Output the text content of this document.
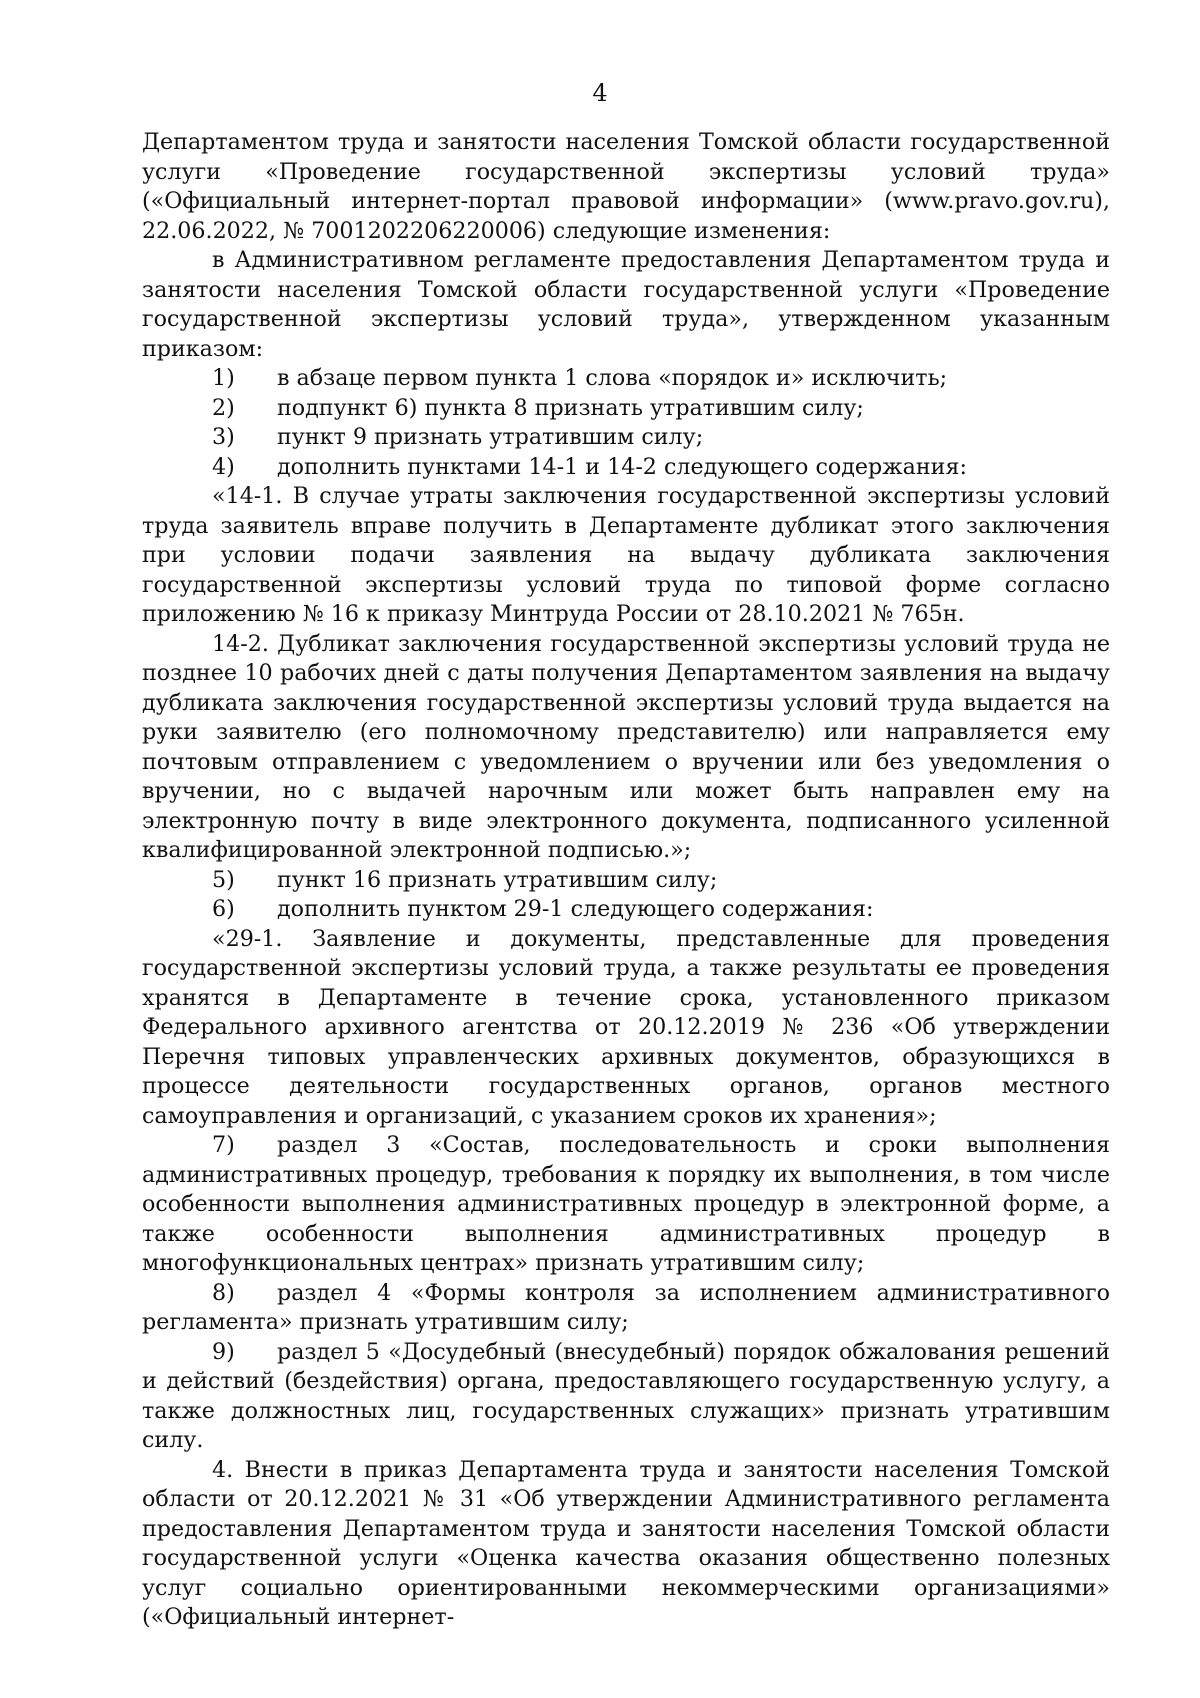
4

Департаментом труда и занятости населения Томской области государственной услуги «Проведение государственной экспертизы условий труда» («Официальный интернет-портал правовой информации» (www.pravo.gov.ru), 22.06.2022, № 7001202206220006) следующие изменения:

в Административном регламенте предоставления Департаментом труда и занятости населения Томской области государственной услуги «Проведение государственной экспертизы условий труда», утвержденном указанным приказом:

1)	в абзаце первом пункта 1 слова «порядок и» исключить;
2)	подпункт 6) пункта 8 признать утратившим силу;
3)	пункт 9 признать утратившим силу;
4)	дополнить пунктами 14-1 и 14-2 следующего содержания:

«14-1. В случае утраты заключения государственной экспертизы условий труда заявитель вправе получить в Департаменте дубликат этого заключения при условии подачи заявления на выдачу дубликата заключения государственной экспертизы условий труда по типовой форме согласно приложению № 16 к приказу Минтруда России от 28.10.2021 № 765н.

14-2. Дубликат заключения государственной экспертизы условий труда не позднее 10 рабочих дней с даты получения Департаментом заявления на выдачу дубликата заключения государственной экспертизы условий труда выдается на руки заявителю (его полномочному представителю) или направляется ему почтовым отправлением с уведомлением о вручении или без уведомления о вручении, но с выдачей нарочным или может быть направлен ему на электронную почту в виде электронного документа, подписанного усиленной квалифицированной электронной подписью.»;

5)	пункт 16 признать утратившим силу;
6)	дополнить пунктом 29-1 следующего содержания:

«29-1. Заявление и документы, представленные для проведения государственной экспертизы условий труда, а также результаты ее проведения хранятся в Департаменте в течение срока, установленного приказом Федерального архивного агентства от 20.12.2019 № 236 «Об утверждении Перечня типовых управленческих архивных документов, образующихся в процессе деятельности государственных органов, органов местного самоуправления и организаций, с указанием сроков их хранения»;

7) раздел 3 «Состав, последовательность и сроки выполнения административных процедур, требования к порядку их выполнения, в том числе особенности выполнения административных процедур в электронной форме, а также особенности выполнения административных процедур в многофункциональных центрах» признать утратившим силу;

8) раздел 4 «Формы контроля за исполнением административного регламента» признать утратившим силу;

9) раздел 5 «Досудебный (внесудебный) порядок обжалования решений и действий (бездействия) органа, предоставляющего государственную услугу, а также должностных лиц, государственных служащих» признать утратившим силу.

4. Внести в приказ Департамента труда и занятости населения Томской области от 20.12.2021 № 31 «Об утверждении Административного регламента предоставления Департаментом труда и занятости населения Томской области государственной услуги «Оценка качества оказания общественно полезных услуг социально ориентированными некоммерческими организациями» («Официальный интернет-
